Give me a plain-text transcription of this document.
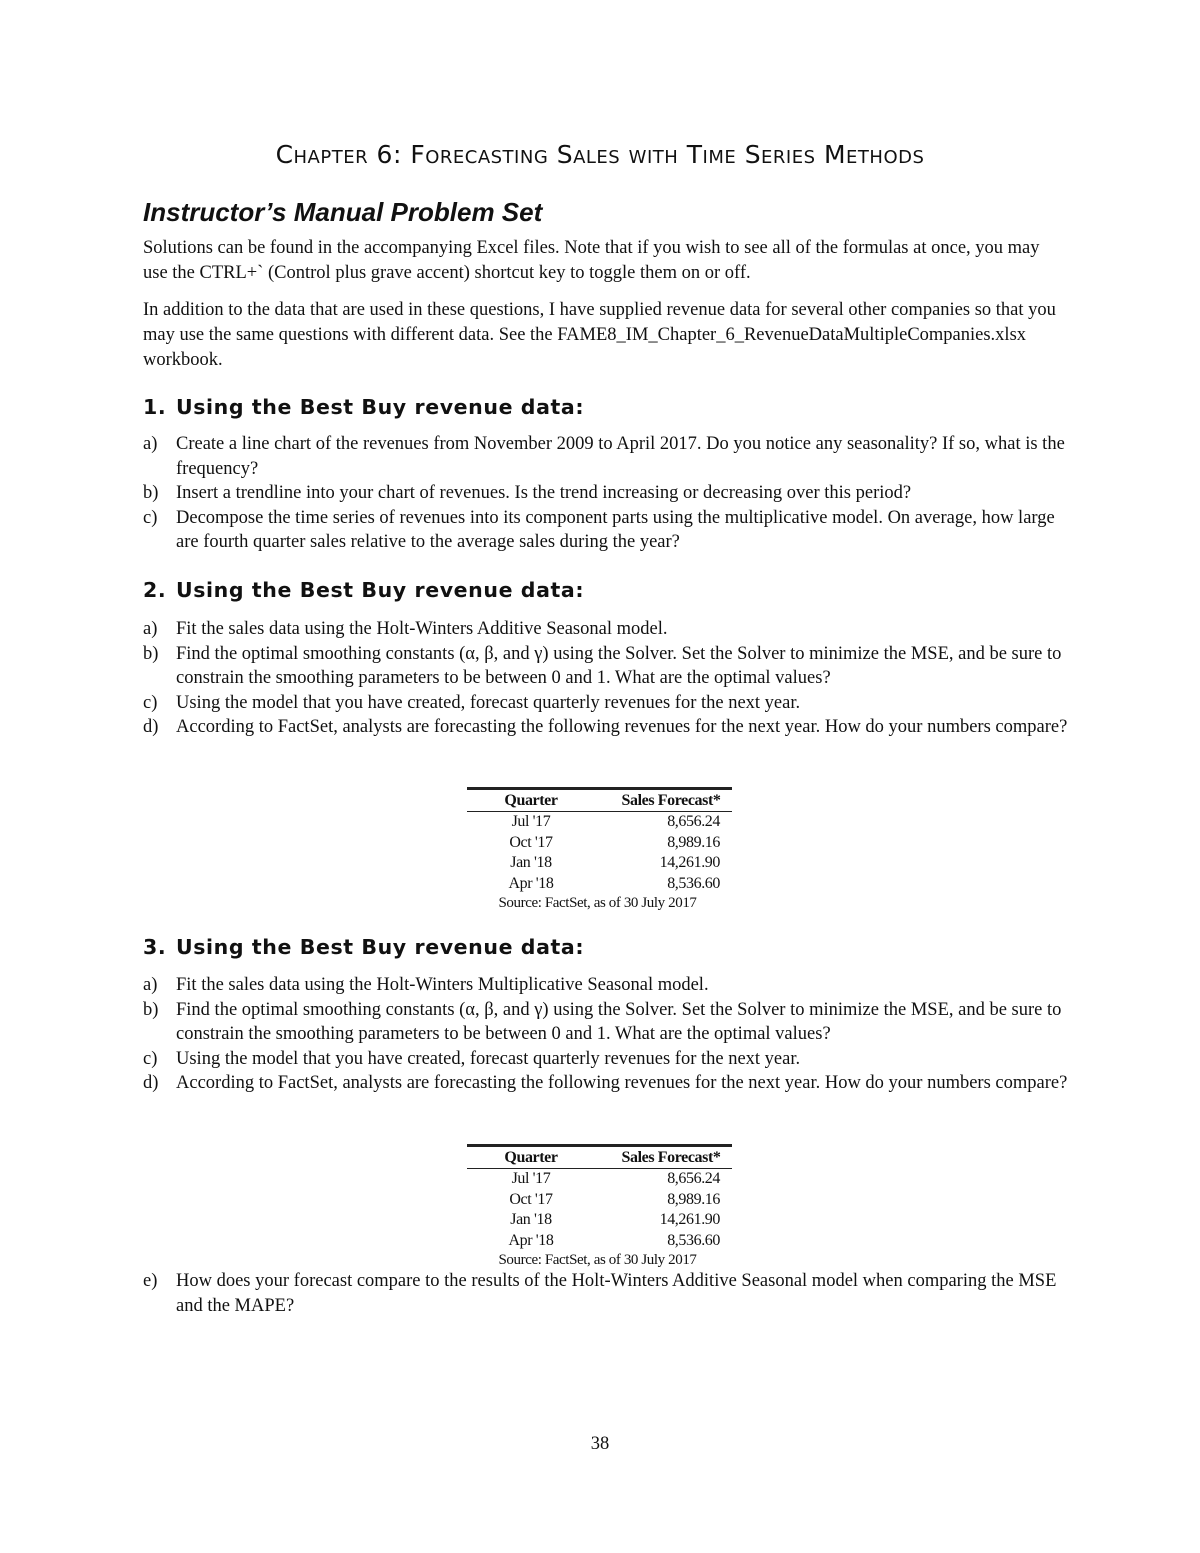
Chapter 6: Forecasting Sales with Time Series Methods
Instructor’s Manual Problem Set
Solutions can be found in the accompanying Excel files. Note that if you wish to see all of the formulas at once, you may use the CTRL+` (Control plus grave accent) shortcut key to toggle them on or off.
In addition to the data that are used in these questions, I have supplied revenue data for several other companies so that you may use the same questions with different data. See the FAME8_IM_Chapter_6_RevenueDataMultipleCompanies.xlsx workbook.
1. Using the Best Buy revenue data:
a) Create a line chart of the revenues from November 2009 to April 2017. Do you notice any seasonality? If so, what is the frequency?
b) Insert a trendline into your chart of revenues. Is the trend increasing or decreasing over this period?
c) Decompose the time series of revenues into its component parts using the multiplicative model. On average, how large are fourth quarter sales relative to the average sales during the year?
2. Using the Best Buy revenue data:
a) Fit the sales data using the Holt-Winters Additive Seasonal model.
b) Find the optimal smoothing constants (α, β, and γ) using the Solver. Set the Solver to minimize the MSE, and be sure to constrain the smoothing parameters to be between 0 and 1. What are the optimal values?
c) Using the model that you have created, forecast quarterly revenues for the next year.
d) According to FactSet, analysts are forecasting the following revenues for the next year. How do your numbers compare?
Quarter	Sales Forecast*
Jul '17	8,656.24
Oct '17	8,989.16
Jan '18	14,261.90
Apr '18	8,536.60
Source: FactSet, as of 30 July 2017
3. Using the Best Buy revenue data:
a) Fit the sales data using the Holt-Winters Multiplicative Seasonal model.
b) Find the optimal smoothing constants (α, β, and γ) using the Solver. Set the Solver to minimize the MSE, and be sure to constrain the smoothing parameters to be between 0 and 1. What are the optimal values?
c) Using the model that you have created, forecast quarterly revenues for the next year.
d) According to FactSet, analysts are forecasting the following revenues for the next year. How do your numbers compare?
Quarter	Sales Forecast*
Jul '17	8,656.24
Oct '17	8,989.16
Jan '18	14,261.90
Apr '18	8,536.60
Source: FactSet, as of 30 July 2017
e) How does your forecast compare to the results of the Holt-Winters Additive Seasonal model when comparing the MSE and the MAPE?
38
